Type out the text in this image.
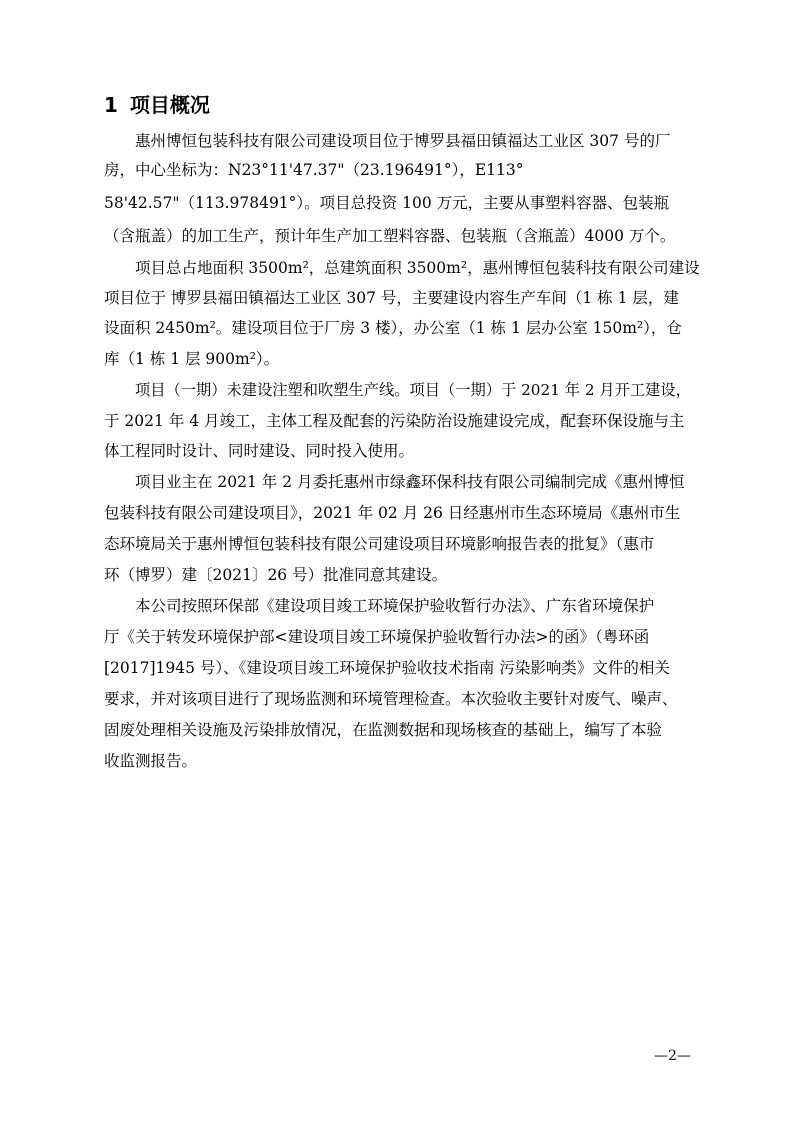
1 项目概况
惠州博恒包装科技有限公司建设项目位于博罗县福田镇福达工业区 307 号的厂
房，中心坐标为：N23°11'47.37"（23.196491°），E113°
58'42.57"（113.978491°）。项目总投资 100 万元，主要从事塑料容器、包装瓶
（含瓶盖）的加工生产，预计年生产加工塑料容器、包装瓶（含瓶盖）4000 万个。
项目总占地面积 3500m²，总建筑面积 3500m²，惠州博恒包装科技有限公司建设
项目位于 博罗县福田镇福达工业区 307 号，主要建设内容生产车间（1 栋 1 层，建
设面积 2450m²。建设项目位于厂房 3 楼），办公室（1 栋 1 层办公室 150m²），仓
库（1 栋 1 层 900m²）。
项目（一期）未建设注塑和吹塑生产线。项目（一期）于 2021 年 2 月开工建设，
于 2021 年 4 月竣工，主体工程及配套的污染防治设施建设完成，配套环保设施与主
体工程同时设计、同时建设、同时投入使用。
项目业主在 2021 年 2 月委托惠州市绿鑫环保科技有限公司编制完成《惠州博恒
包装科技有限公司建设项目》，2021 年 02 月 26 日经惠州市生态环境局《惠州市生
态环境局关于惠州博恒包装科技有限公司建设项目环境影响报告表的批复》（惠市
环（博罗）建〔2021〕26 号）批准同意其建设。
本公司按照环保部《建设项目竣工环境保护验收暂行办法》、广东省环境保护
厅《关于转发环境保护部<建设项目竣工环境保护验收暂行办法>的函》（粤环函
[2017]1945 号）、《建设项目竣工环境保护验收技术指南 污染影响类》文件的相关
要求，并对该项目进行了现场监测和环境管理检查。本次验收主要针对废气、噪声、
固废处理相关设施及污染排放情况，在监测数据和现场核查的基础上，编写了本验
收监测报告。
—2—
